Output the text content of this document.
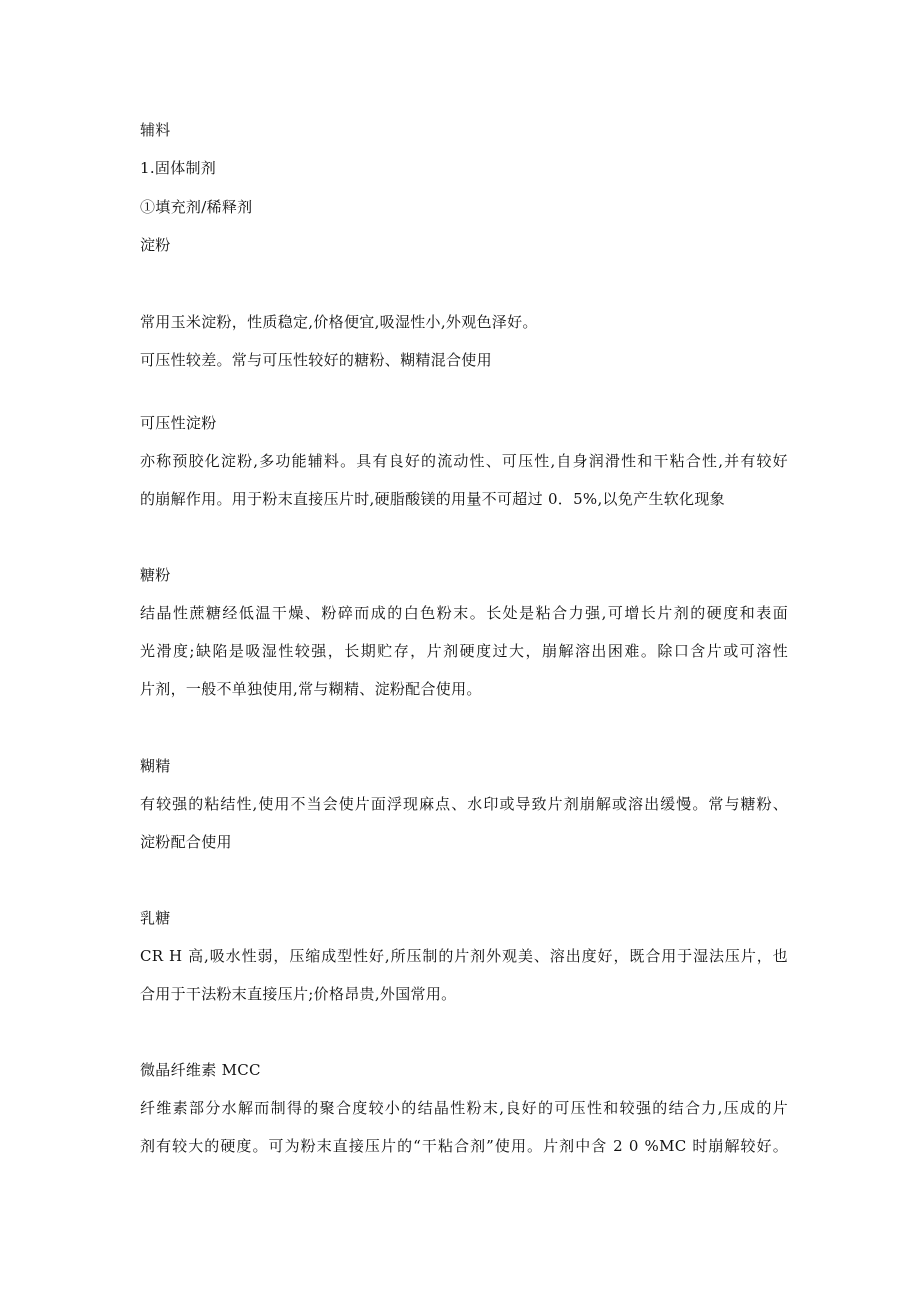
辅料
1.固体制剂
①填充剂/稀释剂
淀粉
常用玉米淀粉，性质稳定,价格便宜,吸湿性小,外观色泽好。
可压性较差。常与可压性较好的糖粉、糊精混合使用
可压性淀粉
亦称预胶化淀粉,多功能辅料。具有良好的流动性、可压性,自身润滑性和干粘合性,并有较好
的崩解作用。用于粉末直接压片时,硬脂酸镁的用量不可超过 0．5%,以免产生软化现象
糖粉
结晶性蔗糖经低温干燥、粉碎而成的白色粉末。长处是粘合力强,可增长片剂的硬度和表面
光滑度;缺陷是吸湿性较强，长期贮存，片剂硬度过大，崩解溶出困难。除口含片或可溶性
片剂，一般不单独使用,常与糊精、淀粉配合使用。
糊精
有较强的粘结性,使用不当会使片面浮现麻点、水印或导致片剂崩解或溶出缓慢。常与糖粉、
淀粉配合使用
乳糖
CR H 高,吸水性弱，压缩成型性好,所压制的片剂外观美、溶出度好，既合用于湿法压片，也
合用于干法粉末直接压片;价格昂贵,外国常用。
微晶纤维素 MCC
纤维素部分水解而制得的聚合度较小的结晶性粉末,良好的可压性和较强的结合力,压成的片
剂有较大的硬度。可为粉末直接压片的“干粘合剂”使用。片剂中含 2 0 %MC 时崩解较好。
